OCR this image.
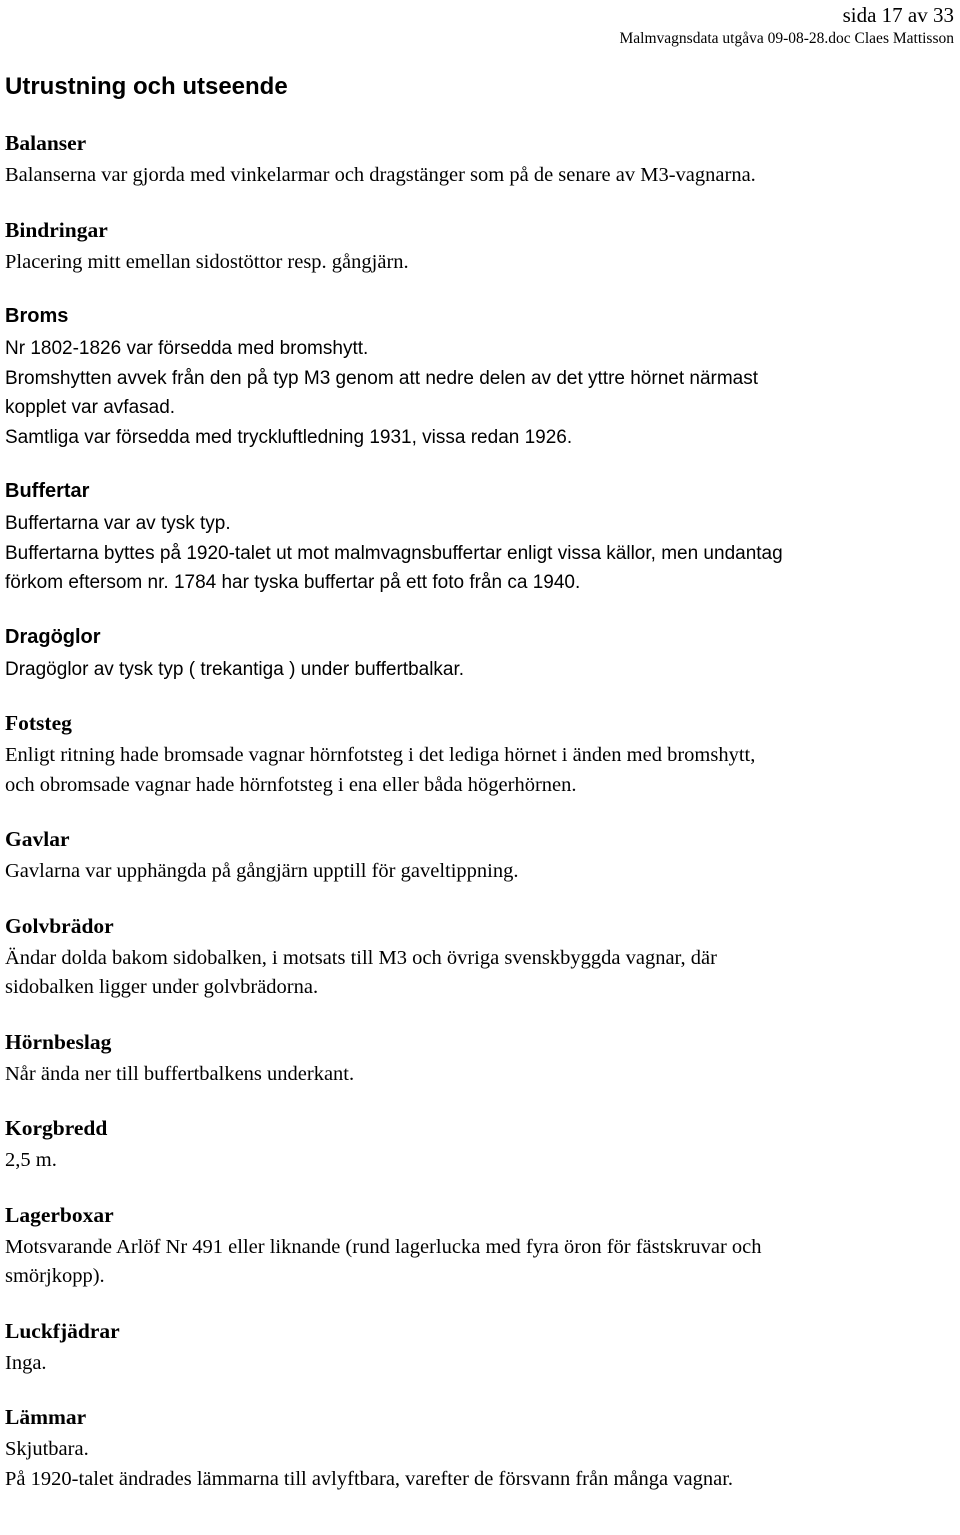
sida 17 av 33
Malmvagnsdata utgåva 09-08-28.doc Claes Mattisson
Utrustning och utseende

Balanser

Balanserna var gjorda med vinkelarmar och dragstänger som på de senare av M3-vagnarna.

Bindringar

Placering mitt emellan sidostöttor resp. gångjärn.

Broms

Nr 1802-1826 var försedda med bromshytt.

Bromshytten avvek från den på typ M3 genom att nedre delen av det yttre hörnet närmast

kopplet var avfasad.

Samtliga var försedda med tryckluftledning 1931, vissa redan 1926.

Buffertar

Buffertarna var av tysk typ.

Buffertarna byttes på 1920-talet ut mot malmvagnsbuffertar enligt vissa källor, men undantag

förkom eftersom nr. 1784 har tyska buffertar på ett foto från ca 1940.

Dragöglor

Dragöglor av tysk typ ( trekantiga ) under buffertbalkar.

Fotsteg

Enligt ritning hade bromsade vagnar hörnfotsteg i det lediga hörnet i änden med bromshytt,

och obromsade vagnar hade hörnfotsteg i ena eller båda högerhörnen.

Gavlar

Gavlarna var upphängda på gångjärn upptill för gaveltippning.

Golvbrädor

Ändar dolda bakom sidobalken, i motsats till M3 och övriga svenskbyggda vagnar, där

sidobalken ligger under golvbrädorna.

Hörnbeslag

Når ända ner till buffertbalkens underkant.

Korgbredd

2,5 m.

Lagerboxar

Motsvarande Arlöf Nr 491 eller liknande (rund lagerlucka med fyra öron för fästskruvar och

smörjkopp).

Luckfjädrar

Inga.

Lämmar

Skjutbara.

På 1920-talet ändrades lämmarna till avlyftbara, varefter de försvann från många vagnar.
